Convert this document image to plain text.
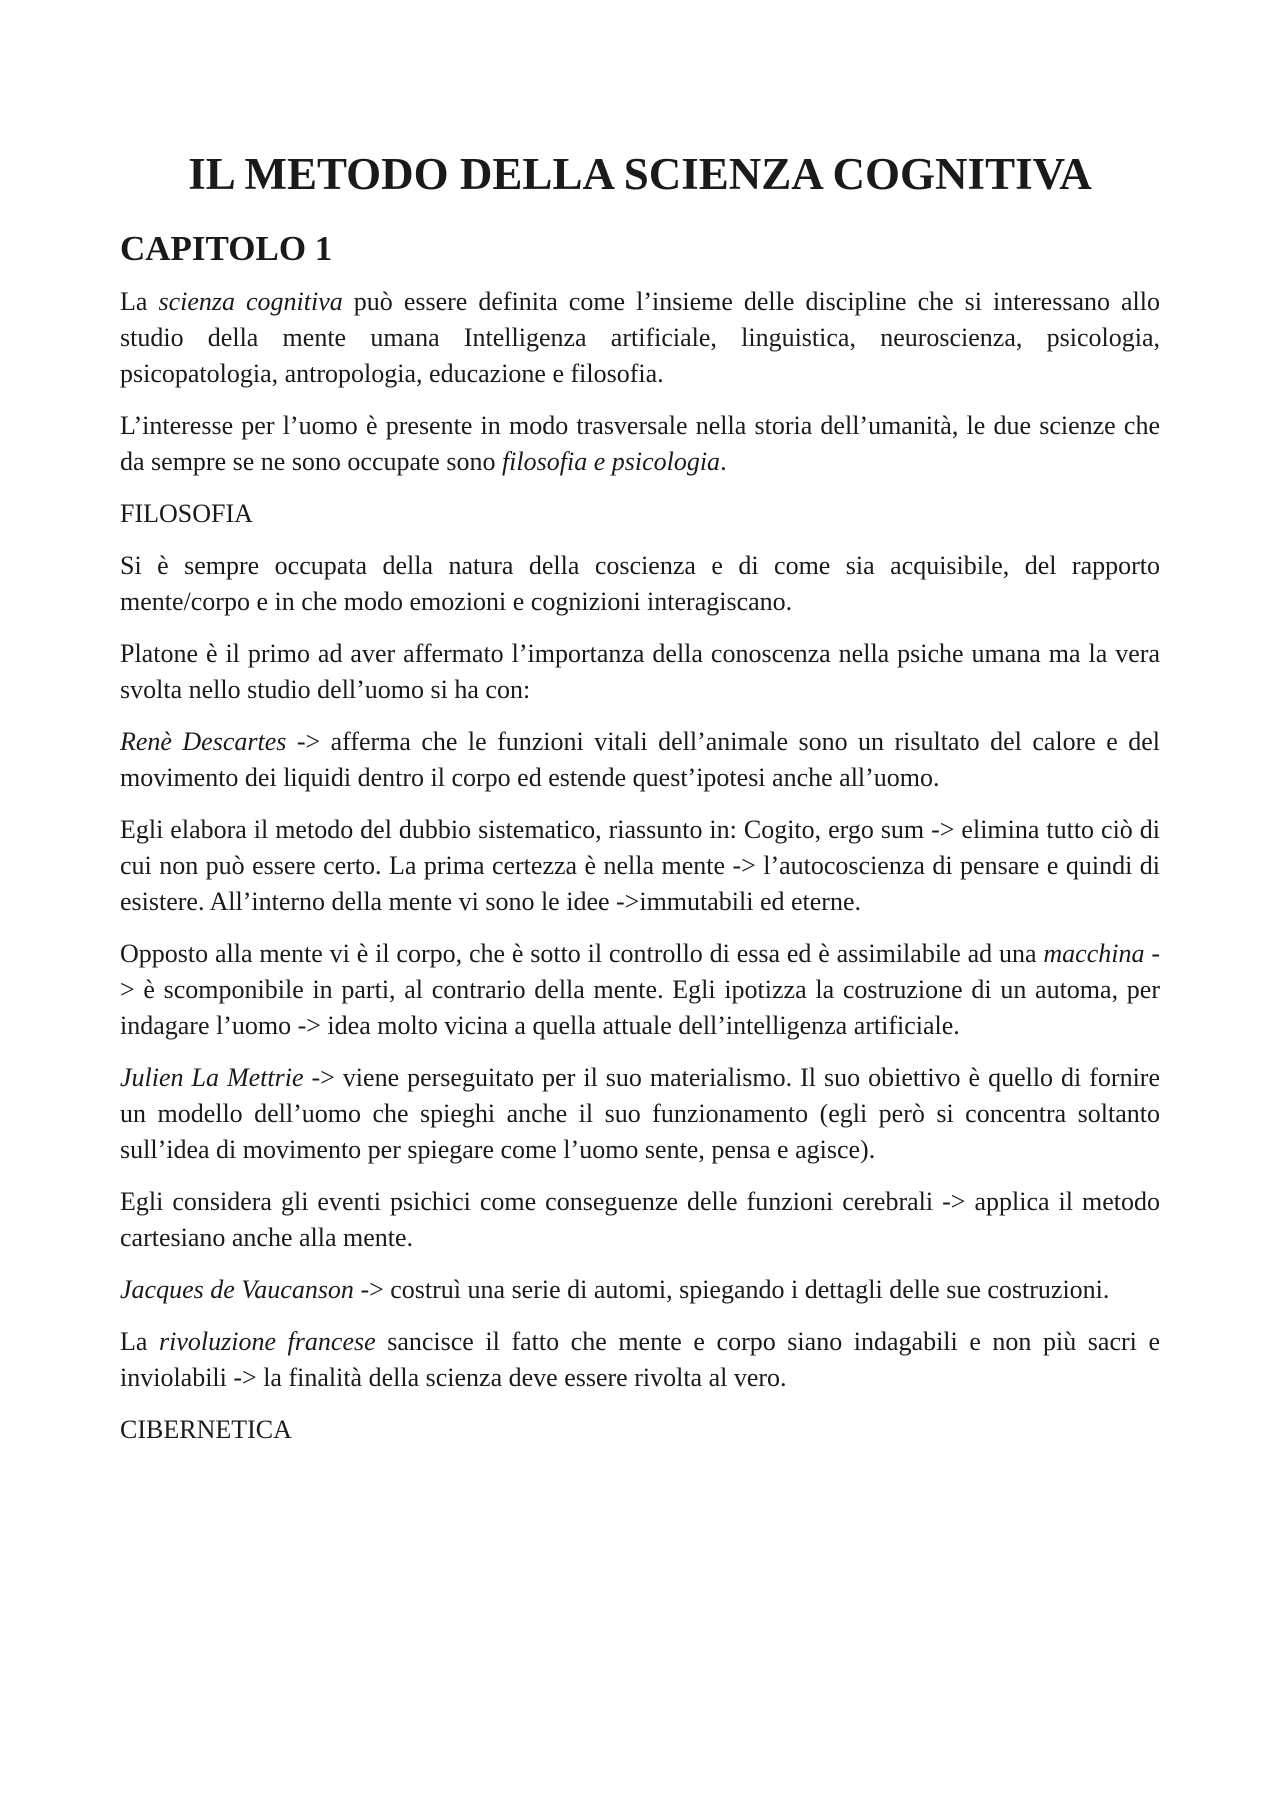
IL METODO DELLA SCIENZA COGNITIVA
CAPITOLO 1

La scienza cognitiva può essere definita come l’insieme delle discipline che si interessano allo studio della mente umana Intelligenza artificiale, linguistica, neuroscienza, psicologia, psicopatologia, antropologia, educazione e filosofia.

L’interesse per l’uomo è presente in modo trasversale nella storia dell’umanità, le due scienze che da sempre se ne sono occupate sono filosofia e psicologia.

FILOSOFIA

Si è sempre occupata della natura della coscienza e di come sia acquisibile, del rapporto mente/corpo e in che modo emozioni e cognizioni interagiscano.

Platone è il primo ad aver affermato l’importanza della conoscenza nella psiche umana ma la vera svolta nello studio dell’uomo si ha con:

Renè Descartes -> afferma che le funzioni vitali dell’animale sono un risultato del calore e del movimento dei liquidi dentro il corpo ed estende quest’ipotesi anche all’uomo.

Egli elabora il metodo del dubbio sistematico, riassunto in: Cogito, ergo sum -> elimina tutto ciò di cui non può essere certo. La prima certezza è nella mente -> l’autocoscienza di pensare e quindi di esistere. All’interno della mente vi sono le idee ->immutabili ed eterne.

Opposto alla mente vi è il corpo, che è sotto il controllo di essa ed è assimilabile ad una macchina -> è scomponibile in parti, al contrario della mente. Egli ipotizza la costruzione di un automa, per indagare l’uomo -> idea molto vicina a quella attuale dell’intelligenza artificiale.

Julien La Mettrie -> viene perseguitato per il suo materialismo. Il suo obiettivo è quello di fornire un modello dell’uomo che spieghi anche il suo funzionamento (egli però si concentra soltanto sull’idea di movimento per spiegare come l’uomo sente, pensa e agisce).

Egli considera gli eventi psichici come conseguenze delle funzioni cerebrali -> applica il metodo cartesiano anche alla mente.

Jacques de Vaucanson -> costruì una serie di automi, spiegando i dettagli delle sue costruzioni.

La rivoluzione francese sancisce il fatto che mente e corpo siano indagabili e non più sacri e inviolabili -> la finalità della scienza deve essere rivolta al vero.

CIBERNETICA
